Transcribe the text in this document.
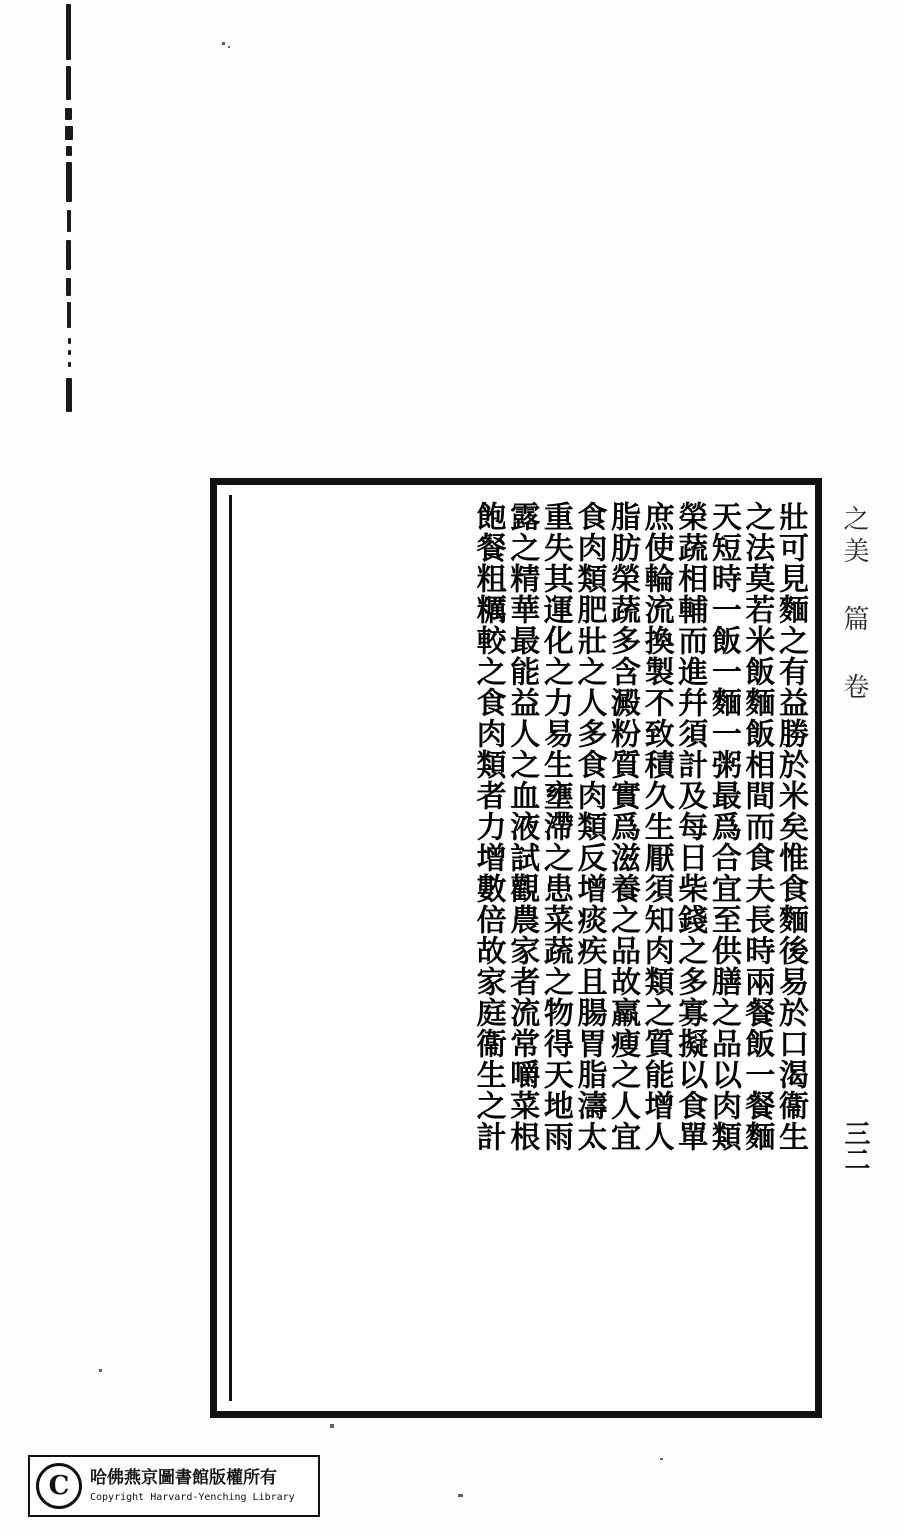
之美 篇 卷
三二
壯可見麵之有益勝於米矣惟食麵後易於口渴衞生
之法莫若米飯麵飯相間而食夫長時兩餐飯一餐麵
天短時一飯一麵一粥最爲合宜至供膳之品以肉類
榮蔬相輔而進幷須計及每日柴錢之多寡擬以食單
庶使輪流換製不致積久生厭須知肉類之質能增人
脂肪榮蔬多含澱粉質實爲滋養之品故羸瘦之人宜
食肉類肥壯之人多食肉類反增痰疾且腸胃脂濤太
重失其運化之力易生壅滯之患菜蔬之物得天地雨
露之精華最能益人之血液試觀農家者流常嚼菜根
飽餐粗糲較之食肉類者力增數倍故家庭衞生之計
C	哈佛燕京圖書館版權所有
Copyright Harvard-Yenching Library
